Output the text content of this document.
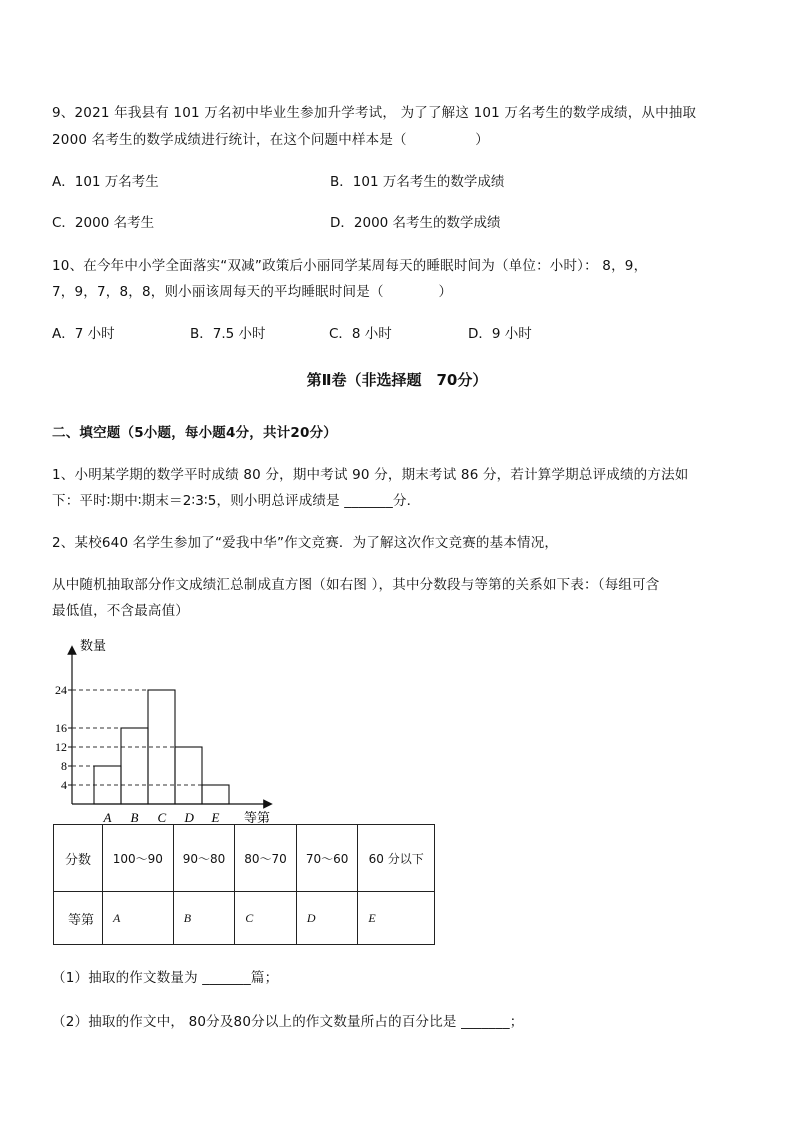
9、2021 年我县有 101 万名初中毕业生参加升学考试， 为了了解这 101 万名考生的数学成绩，从中抽取
2000 名考生的数学成绩进行统计，在这个问题中样本是（　　　　　）
A．101 万名考生	B．101 万名考生的数学成绩
C．2000 名考生	D．2000 名考生的数学成绩
10、在今年中小学全面落实“双减”政策后小丽同学某周每天的睡眠时间为（单位：小时）： 8，9，
7，9，7，8，8，则小丽该周每天的平均睡眠时间是（　　　　）
A．7 小时	B．7.5 小时	C．8 小时	D．9 小时
第Ⅱ卷（非选择题　70分）
二、填空题（5小题，每小题4分，共计20分）
1、小明某学期的数学平时成绩 80 分，期中考试 90 分，期末考试 86 分，若计算学期总评成绩的方法如
下：平时∶期中∶期末＝2∶3∶5，则小明总评成绩是 _______分．
2、某校640 名学生参加了“爱我中华”作文竞赛．为了解这次作文竞赛的基本情况，
从中随机抽取部分作文成绩汇总制成直方图（如右图 ），其中分数段与等第的关系如下表：（每组可含
最低值，不含最高值）
数量
等第
4
8
12
16
24
A B C D E
分数	100～90	90～80	80～70	70～60	60 分以下
等第	A	B	C	D	E
（1）抽取的作文数量为 _______篇；
（2）抽取的作文中， 80分及80分以上的作文数量所占的百分比是 _______；
